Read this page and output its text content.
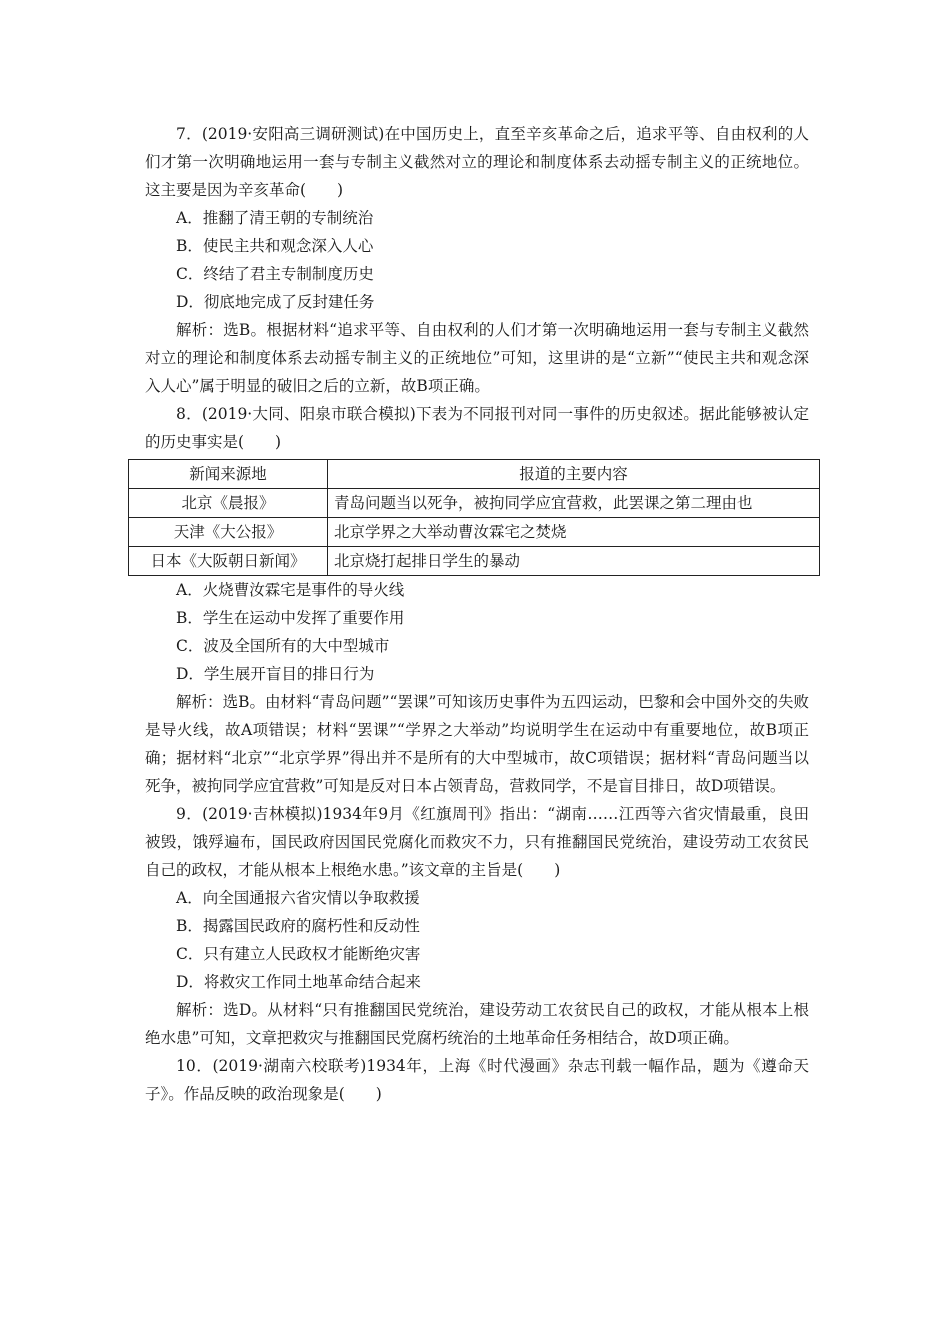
7．(2019·安阳高三调研测试)在中国历史上，直至辛亥革命之后，追求平等、自由权利的人们才第一次明确地运用一套与专制主义截然对立的理论和制度体系去动摇专制主义的正统地位。这主要是因为辛亥革命(　　)

A．推翻了清王朝的专制统治

B．使民主共和观念深入人心

C．终结了君主专制制度历史

D．彻底地完成了反封建任务

解析：选B。根据材料“追求平等、自由权利的人们才第一次明确地运用一套与专制主义截然对立的理论和制度体系去动摇专制主义的正统地位”可知，这里讲的是“立新”“使民主共和观念深入人心”属于明显的破旧之后的立新，故B项正确。

8．(2019·大同、阳泉市联合模拟)下表为不同报刊对同一事件的历史叙述。据此能够被认定的历史事实是(　　)

新闻来源地	报道的主要内容
北京《晨报》	青岛问题当以死争，被拘同学应宜营救，此罢课之第二理由也
天津《大公报》	北京学界之大举动曹汝霖宅之焚烧
日本《大阪朝日新闻》	北京烧打起排日学生的暴动

A．火烧曹汝霖宅是事件的导火线

B．学生在运动中发挥了重要作用

C．波及全国所有的大中型城市

D．学生展开盲目的排日行为

解析：选B。由材料“青岛问题”“罢课”可知该历史事件为五四运动，巴黎和会中国外交的失败是导火线，故A项错误；材料“罢课”“学界之大举动”均说明学生在运动中有重要地位，故B项正确；据材料“北京”“北京学界”得出并不是所有的大中型城市，故C项错误；据材料“青岛问题当以死争，被拘同学应宜营救”可知是反对日本占领青岛，营救同学，不是盲目排日，故D项错误。

9．(2019·吉林模拟)1934年9月《红旗周刊》指出：“湖南……江西等六省灾情最重，良田被毁，饿殍遍布，国民政府因国民党腐化而救灾不力，只有推翻国民党统治，建设劳动工农贫民自己的政权，才能从根本上根绝水患。”该文章的主旨是(　　)

A．向全国通报六省灾情以争取救援

B．揭露国民政府的腐朽性和反动性

C．只有建立人民政权才能断绝灾害

D．将救灾工作同土地革命结合起来

解析：选D。从材料“只有推翻国民党统治，建设劳动工农贫民自己的政权，才能从根本上根绝水患”可知，文章把救灾与推翻国民党腐朽统治的土地革命任务相结合，故D项正确。

10．(2019·湖南六校联考)1934年，上海《时代漫画》杂志刊载一幅作品，题为《遵命天子》。作品反映的政治现象是(　　)
